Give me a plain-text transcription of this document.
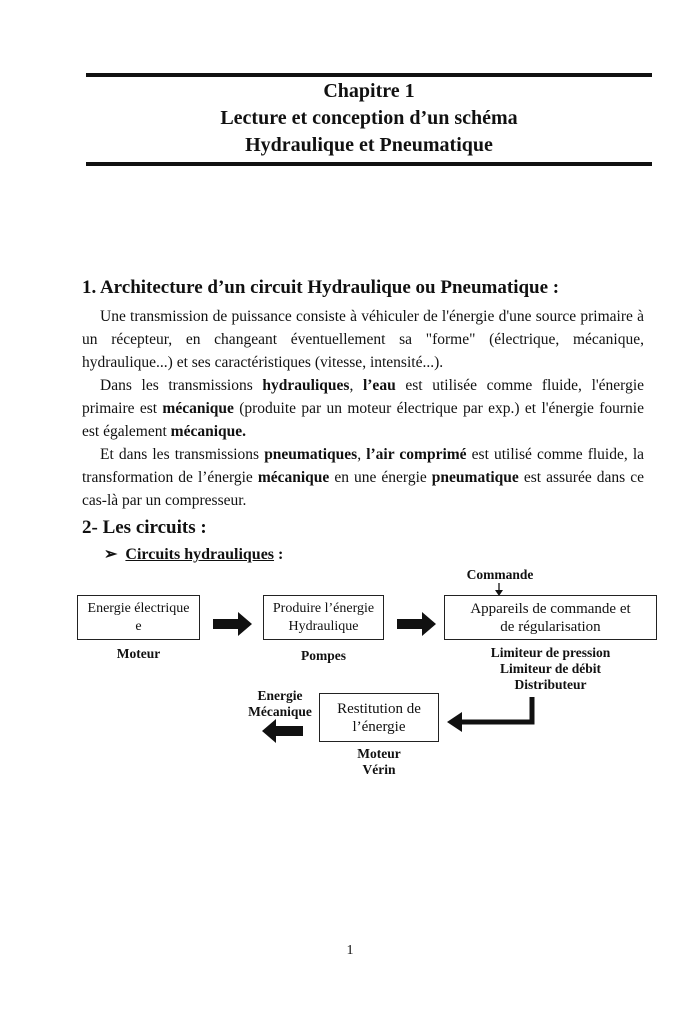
Chapitre 1
Lecture et conception d’un schéma
Hydraulique et Pneumatique
1. Architecture d’un circuit Hydraulique ou Pneumatique :

Une transmission de puissance consiste à véhiculer de l'énergie d'une source primaire à un récepteur, en changeant éventuellement sa "forme" (électrique, mécanique, hydraulique...) et ses caractéristiques (vitesse, intensité...).

Dans les transmissions hydrauliques, l’eau est utilisée comme fluide, l'énergie primaire est mécanique (produite par un moteur électrique par exp.) et l'énergie fournie est également mécanique.

Et dans les transmissions pneumatiques, l’air comprimé est utilisé comme fluide, la transformation de l’énergie mécanique en une énergie pneumatique est assurée dans ce cas-là par un compresseur.

2- Les circuits :
➢ Circuits hydrauliques :
Energie électrique
e
Produire l’énergie
Hydraulique
Appareils de commande et
de régularisation
Restitution de
l’énergie
Moteur	Pompes	Limiteur de pression
Limiteur de débit
Distributeur
Commande
Energie
Mécanique
Moteur
Vérin
1
